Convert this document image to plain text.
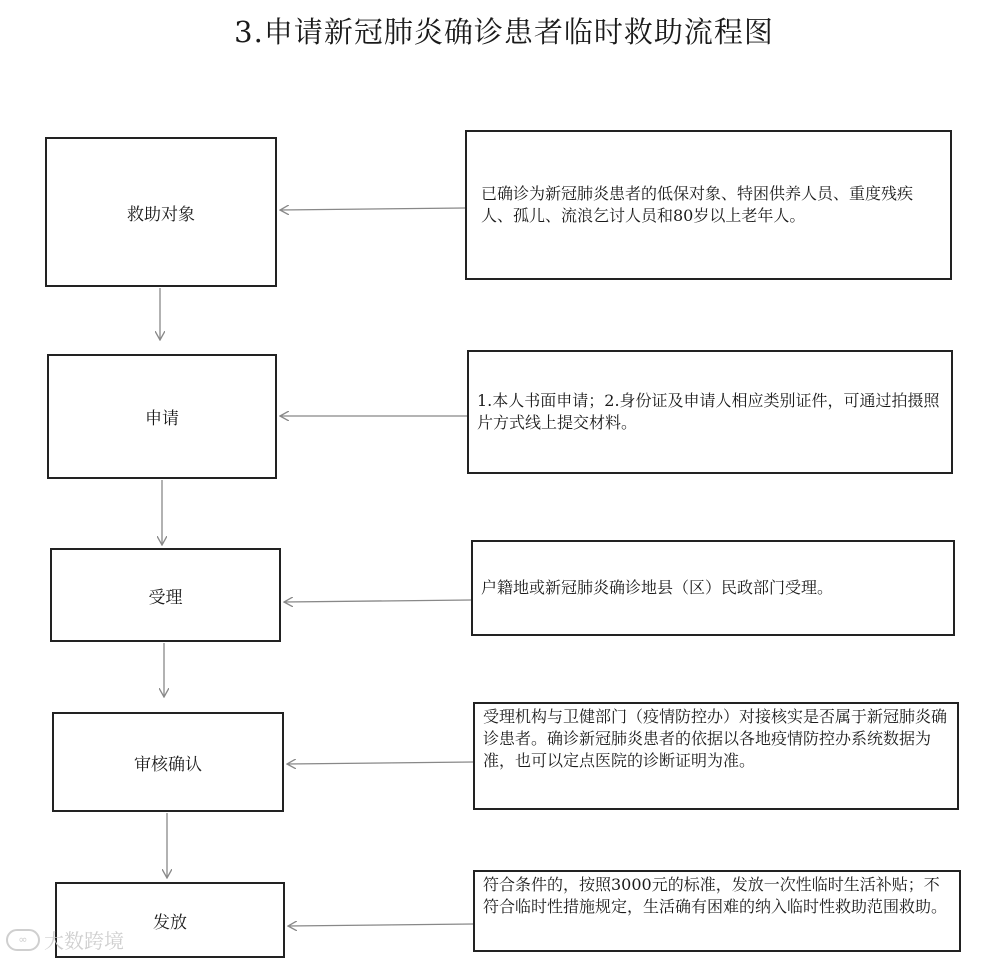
3.申请新冠肺炎确诊患者临时救助流程图
救助对象
申请
受理
审核确认
发放
已确诊为新冠肺炎患者的低保对象、特困供养人员、重度残疾人、孤儿、流浪乞讨人员和80岁以上老年人。
1.本人书面申请；2.身份证及申请人相应类别证件，可通过拍摄照片方式线上提交材料。
户籍地或新冠肺炎确诊地县（区）民政部门受理。
受理机构与卫健部门（疫情防控办）对接核实是否属于新冠肺炎确诊患者。确诊新冠肺炎患者的依据以各地疫情防控办系统数据为准，也可以定点医院的诊断证明为准。
符合条件的，按照3000元的标准，发放一次性临时生活补贴；不符合临时性措施规定，生活确有困难的纳入临时性救助范围救助。
∞ 大数跨境
